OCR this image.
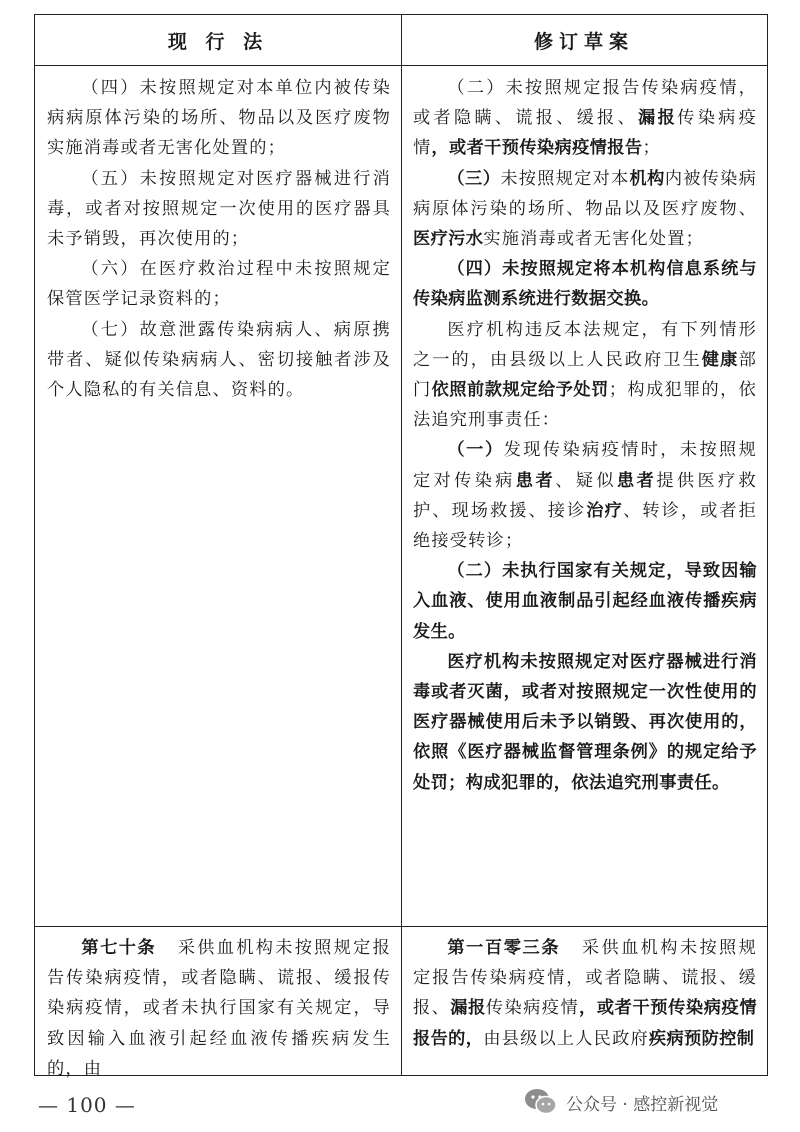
现 行 法	修订草案

（四）未按照规定对本单位内被传染病病原体污染的场所、物品以及医疗废物实施消毒或者无害化处置的；

（五）未按照规定对医疗器械进行消毒，或者对按照规定一次使用的医疗器具未予销毁，再次使用的；

（六）在医疗救治过程中未按照规定保管医学记录资料的；

（七）故意泄露传染病病人、病原携带者、疑似传染病病人、密切接触者涉及个人隐私的有关信息、资料的。

（二）未按照规定报告传染病疫情，或者隐瞒、谎报、缓报、漏报传染病疫情，或者干预传染病疫情报告；

（三）未按照规定对本机构内被传染病病原体污染的场所、物品以及医疗废物、医疗污水实施消毒或者无害化处置；

（四）未按照规定将本机构信息系统与传染病监测系统进行数据交换。

医疗机构违反本法规定，有下列情形之一的，由县级以上人民政府卫生健康部门依照前款规定给予处罚；构成犯罪的，依法追究刑事责任：

（一）发现传染病疫情时，未按照规定对传染病患者、疑似患者提供医疗救护、现场救援、接诊治疗、转诊，或者拒绝接受转诊；

（二）未执行国家有关规定，导致因输入血液、使用血液制品引起经血液传播疾病发生。

医疗机构未按照规定对医疗器械进行消毒或者灭菌，或者对按照规定一次性使用的医疗器械使用后未予以销毁、再次使用的，依照《医疗器械监督管理条例》的规定给予处罚；构成犯罪的，依法追究刑事责任。

第七十条 采供血机构未按照规定报告传染病疫情，或者隐瞒、谎报、缓报传染病疫情，或者未执行国家有关规定，导致因输入血液引起经血液传播疾病发生的，由

第一百零三条 采供血机构未按照规定报告传染病疫情，或者隐瞒、谎报、缓报、漏报传染病疫情，或者干预传染病疫情报告的，由县级以上人民政府疾病预防控制

— 100 —	公众号 · 感控新视觉
